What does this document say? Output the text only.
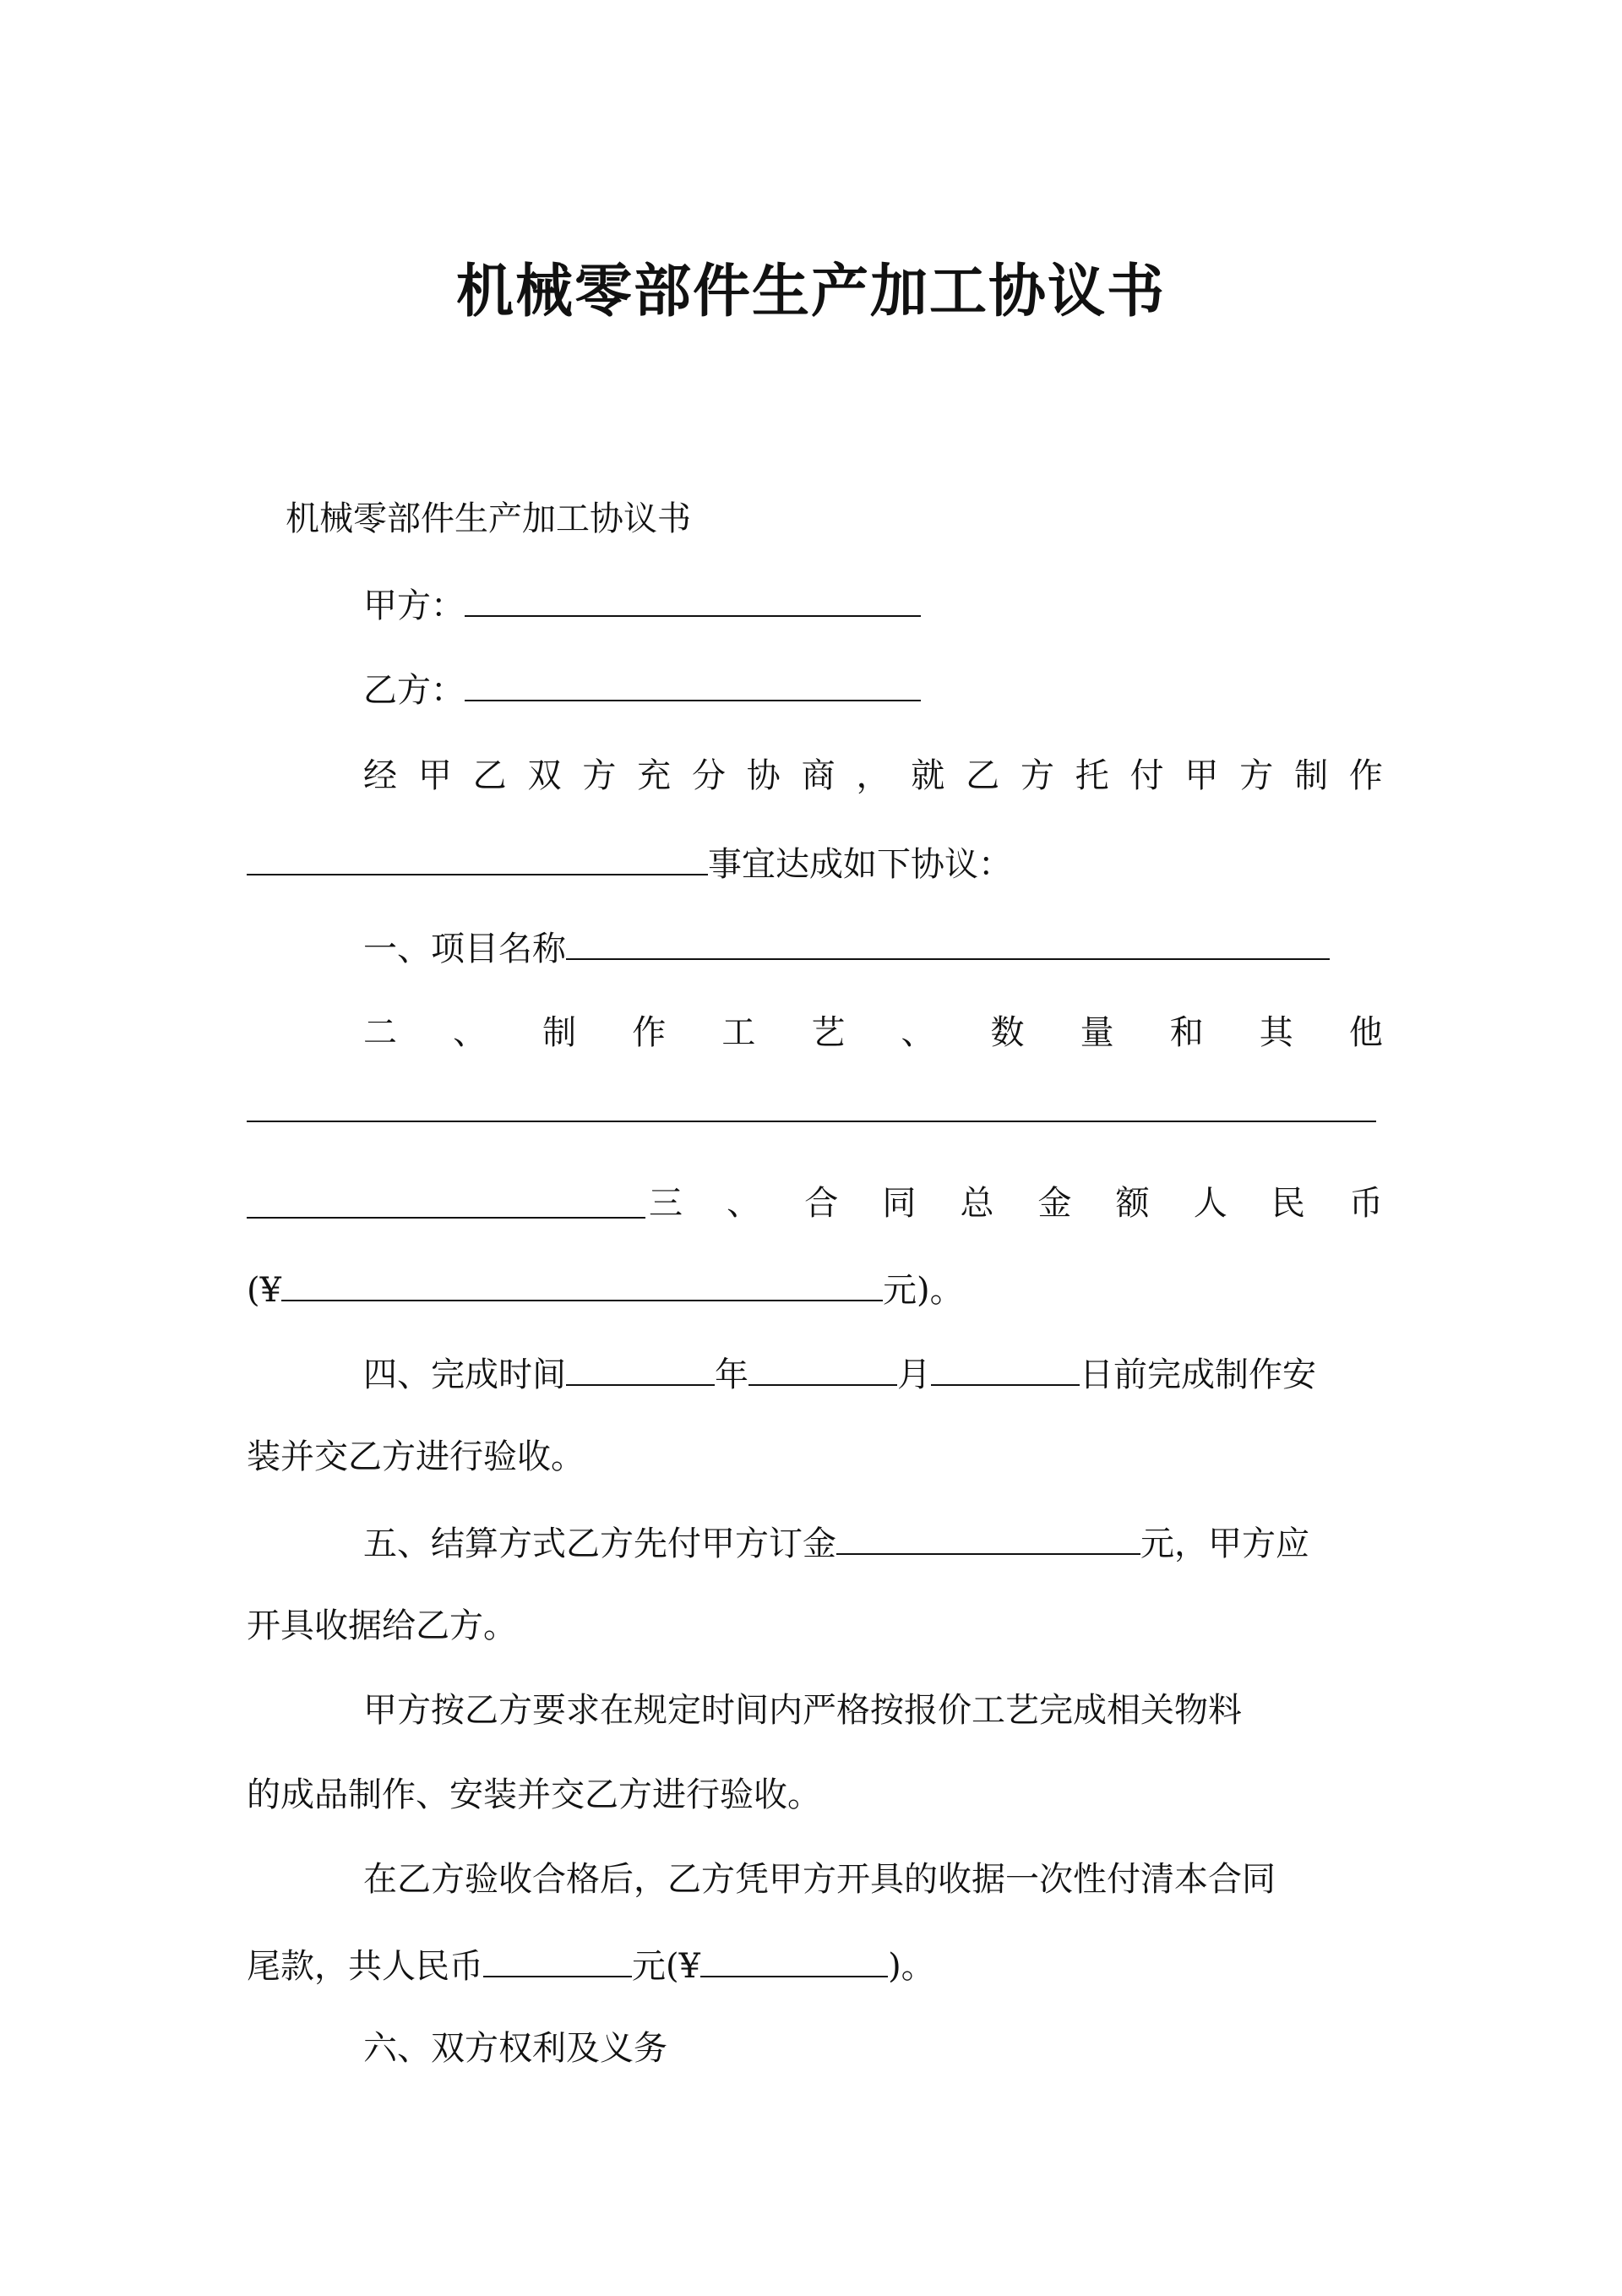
机械零部件生产加工协议书
机械零部件生产加工协议书
甲方：
乙方：
经 甲 乙 双 方 充 分 协 商 ， 就 乙 方 托 付 甲 方 制 作
事宜达成如下协议：
一、项目名称
二 、 制 作 工 艺 、 数 量 和 其 他
三 、 合 同 总 金 额 人 民 币
(¥	元)。
四、完成时间	年	月	日前完成制作安
装并交乙方进行验收。
五、结算方式乙方先付甲方订金	元，甲方应
开具收据给乙方。
甲方按乙方要求在规定时间内严格按报价工艺完成相关物料
的成品制作、安装并交乙方进行验收。
在乙方验收合格后，乙方凭甲方开具的收据一次性付清本合同
尾款，共人民币	元(¥	)。
六、双方权利及义务
